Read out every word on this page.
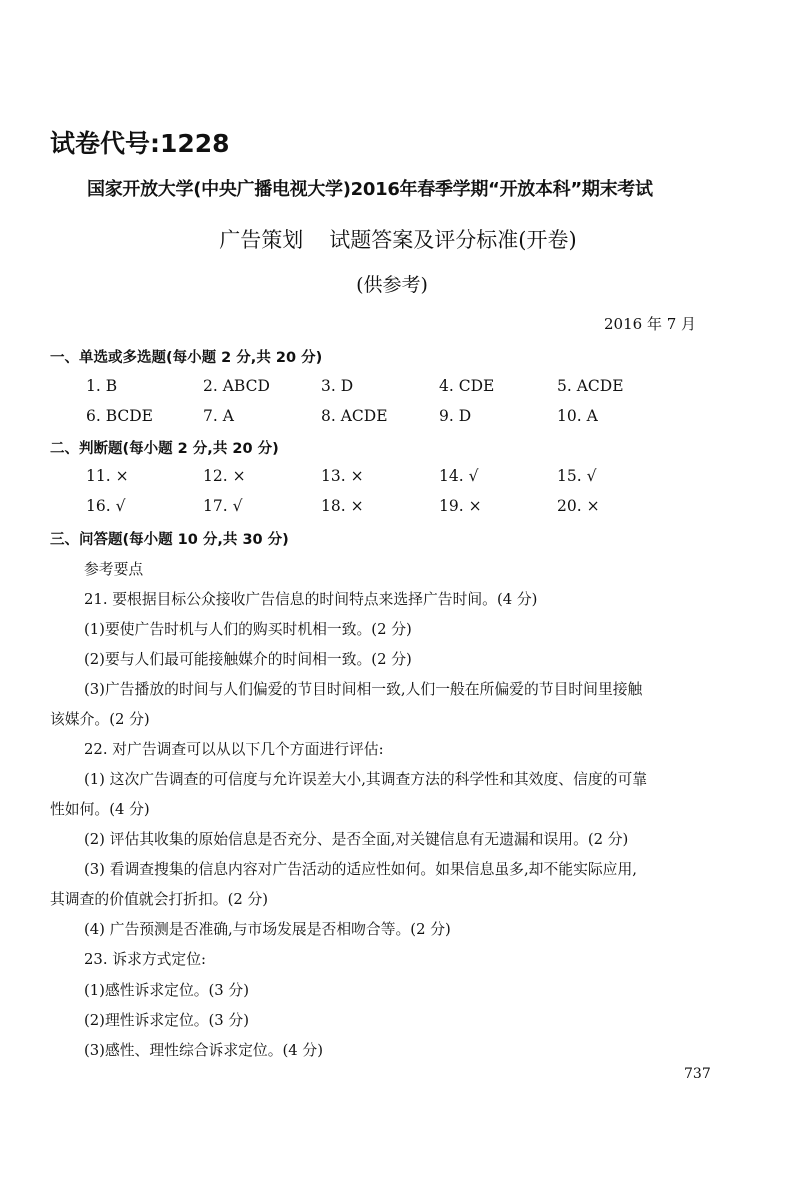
试卷代号:1228
国家开放大学(中央广播电视大学)2016年春季学期“开放本科”期末考试
广告策划 试题答案及评分标准(开卷)
(供参考)
2016 年 7 月
一、单选或多选题(每小题 2 分,共 20 分)
1. B	2. ABCD	3. D	4. CDE	5. ACDE
6. BCDE	7. A	8. ACDE	9. D	10. A
二、判断题(每小题 2 分,共 20 分)
11. ×	12. ×	13. ×	14. √	15. √
16. √	17. √	18. ×	19. ×	20. ×
三、问答题(每小题 10 分,共 30 分)
参考要点
21. 要根据目标公众接收广告信息的时间特点来选择广告时间。(4 分)
(1)要使广告时机与人们的购买时机相一致。(2 分)
(2)要与人们最可能接触媒介的时间相一致。(2 分)
(3)广告播放的时间与人们偏爱的节目时间相一致,人们一般在所偏爱的节目时间里接触
该媒介。(2 分)
22. 对广告调查可以从以下几个方面进行评估:
(1) 这次广告调查的可信度与允许误差大小,其调查方法的科学性和其效度、信度的可靠
性如何。(4 分)
(2) 评估其收集的原始信息是否充分、是否全面,对关键信息有无遗漏和误用。(2 分)
(3) 看调查搜集的信息内容对广告活动的适应性如何。如果信息虽多,却不能实际应用,
其调查的价值就会打折扣。(2 分)
(4) 广告预测是否准确,与市场发展是否相吻合等。(2 分)
23. 诉求方式定位:
(1)感性诉求定位。(3 分)
(2)理性诉求定位。(3 分)
(3)感性、理性综合诉求定位。(4 分)
737
